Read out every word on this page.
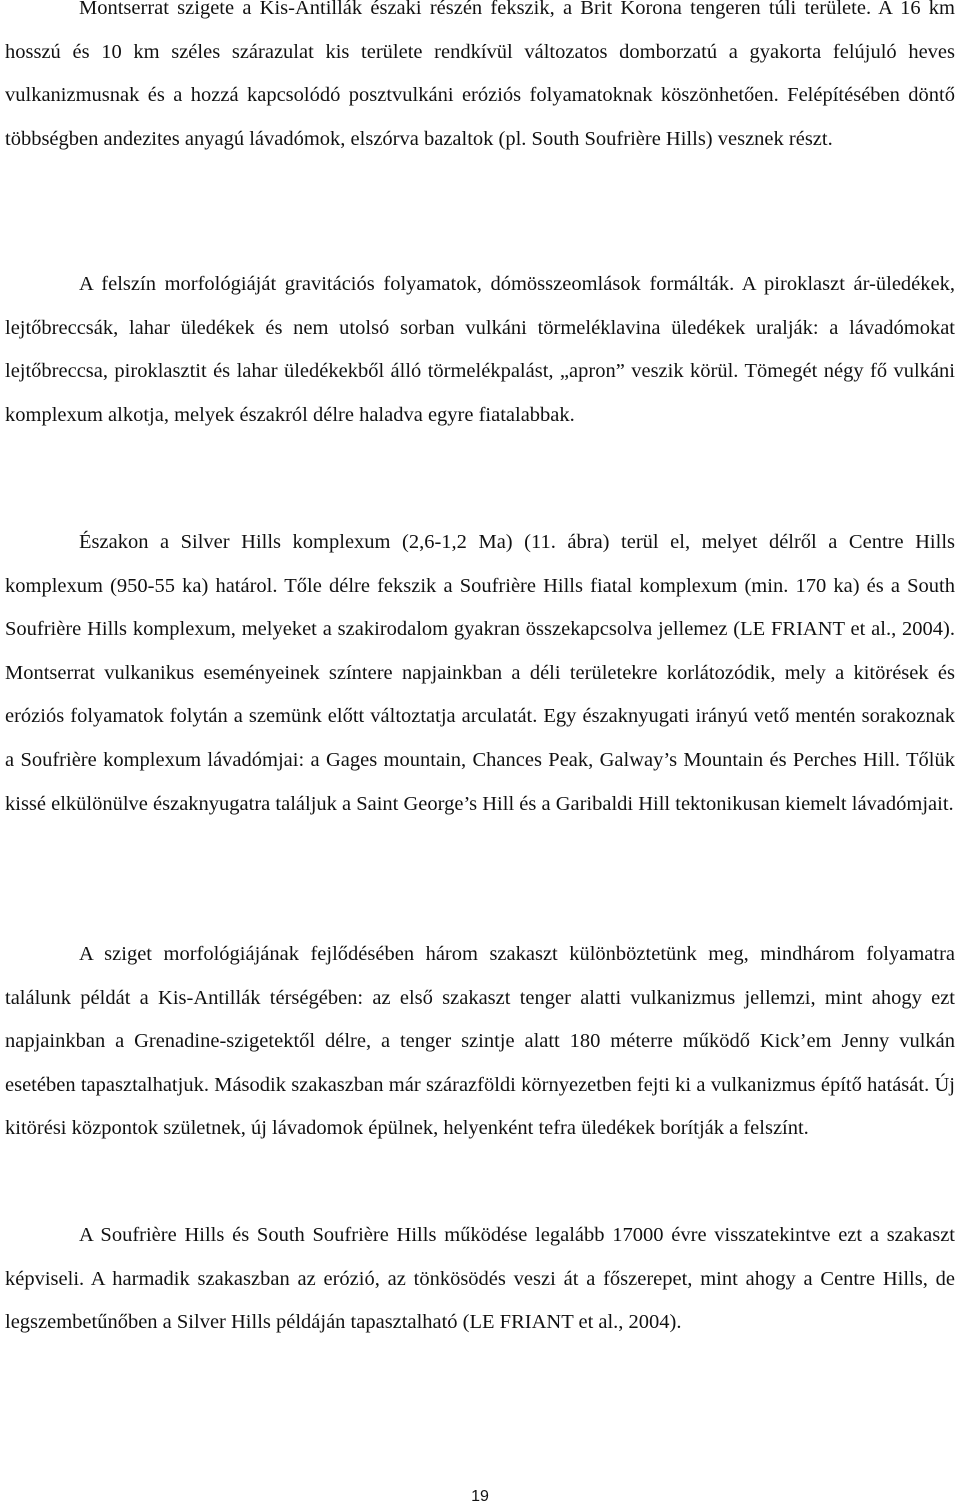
Montserrat szigete a Kis-Antillák északi részén fekszik, a Brit Korona tengeren túli területe. A 16 km hosszú és 10 km széles szárazulat kis területe rendkívül változatos domborzatú a gyakorta felújuló heves vulkanizmusnak és a hozzá kapcsolódó posztvulkáni eróziós folyamatoknak köszönhetően. Felépítésében döntő többségben andezites anyagú lávadómok, elszórva bazaltok (pl. South Soufrière Hills) vesznek részt.

A felszín morfológiáját gravitációs folyamatok, dómösszeomlások formálták. A piroklaszt ár-üledékek, lejtőbreccsák, lahar üledékek és nem utolsó sorban vulkáni törmeléklavina üledékek uralják: a lávadómokat lejtőbreccsa, piroklasztit és lahar üledékekből álló törmelékpalást, „apron” veszik körül. Tömegét négy fő vulkáni komplexum alkotja, melyek északról délre haladva egyre fiatalabbak.

Északon a Silver Hills komplexum (2,6-1,2 Ma) (11. ábra) terül el, melyet délről a Centre Hills komplexum (950-55 ka) határol. Tőle délre fekszik a Soufrière Hills fiatal komplexum (min. 170 ka) és a South Soufrière Hills komplexum, melyeket a szakirodalom gyakran összekapcsolva jellemez (LE FRIANT et al., 2004). Montserrat vulkanikus eseményeinek színtere napjainkban a déli területekre korlátozódik, mely a kitörések és eróziós folyamatok folytán a szemünk előtt változtatja arculatát. Egy északnyugati irányú vető mentén sorakoznak a Soufrière komplexum lávadómjai: a Gages mountain, Chances Peak, Galway’s Mountain és Perches Hill. Tőlük kissé elkülönülve északnyugatra találjuk a Saint George’s Hill és a Garibaldi Hill tektonikusan kiemelt lávadómjait.

A sziget morfológiájának fejlődésében három szakaszt különböztetünk meg, mindhárom folyamatra találunk példát a Kis-Antillák térségében: az első szakaszt tenger alatti vulkanizmus jellemzi, mint ahogy ezt napjainkban a Grenadine-szigetektől délre, a tenger szintje alatt 180 méterre működő Kick’em Jenny vulkán esetében tapasztalhatjuk. Második szakaszban már szárazföldi környezetben fejti ki a vulkanizmus építő hatását. Új kitörési központok születnek, új lávadomok épülnek, helyenként tefra üledékek borítják a felszínt.

A Soufrière Hills és South Soufrière Hills működése legalább 17000 évre visszatekintve ezt a szakaszt képviseli. A harmadik szakaszban az erózió, az tönkösödés veszi át a főszerepet, mint ahogy a Centre Hills, de legszembetűnőben a Silver Hills példáján tapasztalható (LE FRIANT et al., 2004).

19
